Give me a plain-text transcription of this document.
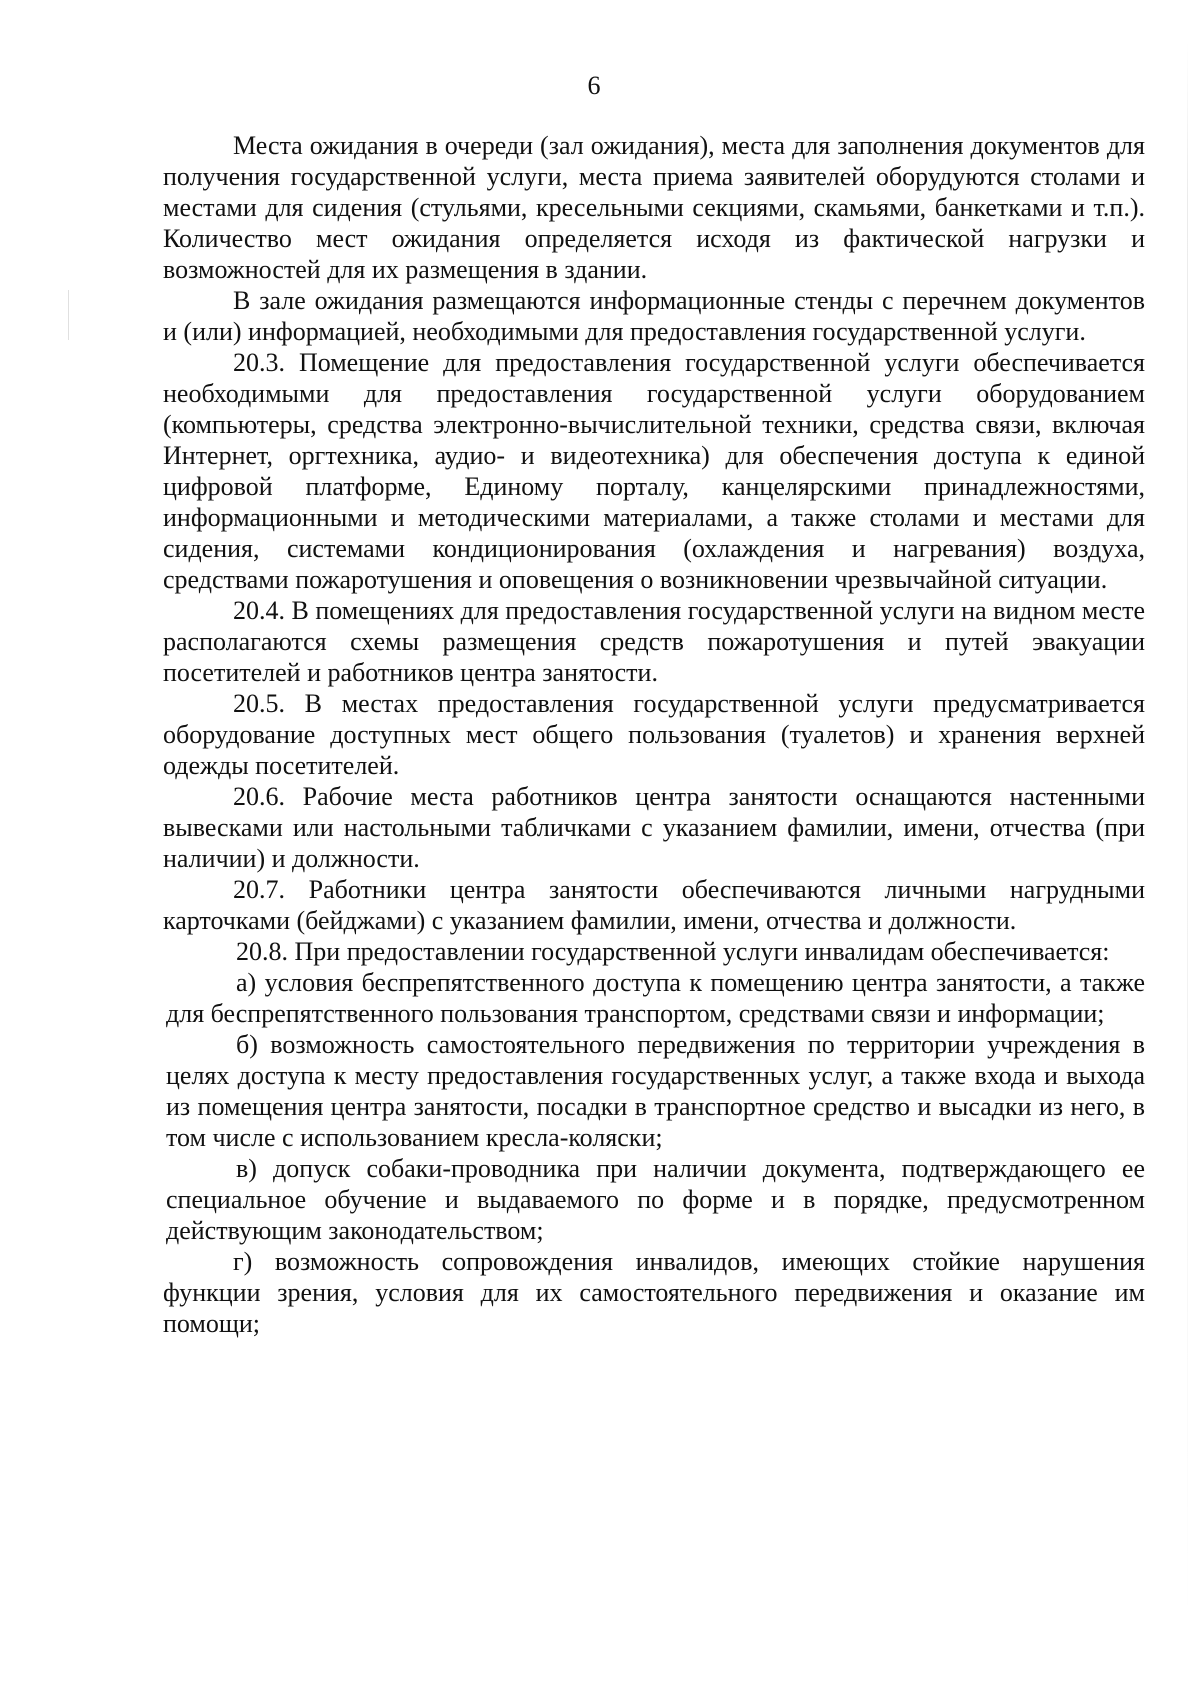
6

Места ожидания в очереди (зал ожидания), места для заполнения документов для получения государственной услуги, места приема заявителей оборудуются столами и местами для сидения (стульями, кресельными секциями, скамьями, банкетками и т.п.). Количество мест ожидания определяется исходя из фактической нагрузки и возможностей для их размещения в здании.

В зале ожидания размещаются информационные стенды с перечнем документов и (или) информацией, необходимыми для предоставления государственной услуги.

20.3. Помещение для предоставления государственной услуги обеспечивается необходимыми для предоставления государственной услуги оборудованием (компьютеры, средства электронно-вычислительной техники, средства связи, включая Интернет, оргтехника, аудио- и видеотехника) для обеспечения доступа к единой цифровой платформе, Единому порталу, канцелярскими принадлежностями, информационными и методическими материалами, а также столами и местами для сидения, системами кондиционирования (охлаждения и нагревания) воздуха, средствами пожаротушения и оповещения о возникновении чрезвычайной ситуации.

20.4. В помещениях для предоставления государственной услуги на видном месте располагаются схемы размещения средств пожаротушения и путей эвакуации посетителей и работников центра занятости.

20.5. В местах предоставления государственной услуги предусматривается оборудование доступных мест общего пользования (туалетов) и хранения верхней одежды посетителей.

20.6. Рабочие места работников центра занятости оснащаются настенными вывесками или настольными табличками с указанием фамилии, имени, отчества (при наличии) и должности.

20.7. Работники центра занятости обеспечиваются личными нагрудными карточками (бейджами) с указанием фамилии, имени, отчества и должности.

20.8. При предоставлении государственной услуги инвалидам обеспечивается:

а) условия беспрепятственного доступа к помещению центра занятости, а также для беспрепятственного пользования транспортом, средствами связи и информации;

б) возможность самостоятельного передвижения по территории учреждения в целях доступа к месту предоставления государственных услуг, а также входа и выхода из помещения центра занятости, посадки в транспортное средство и высадки из него, в том числе с использованием кресла-коляски;

в) допуск собаки-проводника при наличии документа, подтверждающего ее специальное обучение и выдаваемого по форме и в порядке, предусмотренном действующим законодательством;

г) возможность сопровождения инвалидов, имеющих стойкие нарушения функции зрения, условия для их самостоятельного передвижения и оказание им помощи;
